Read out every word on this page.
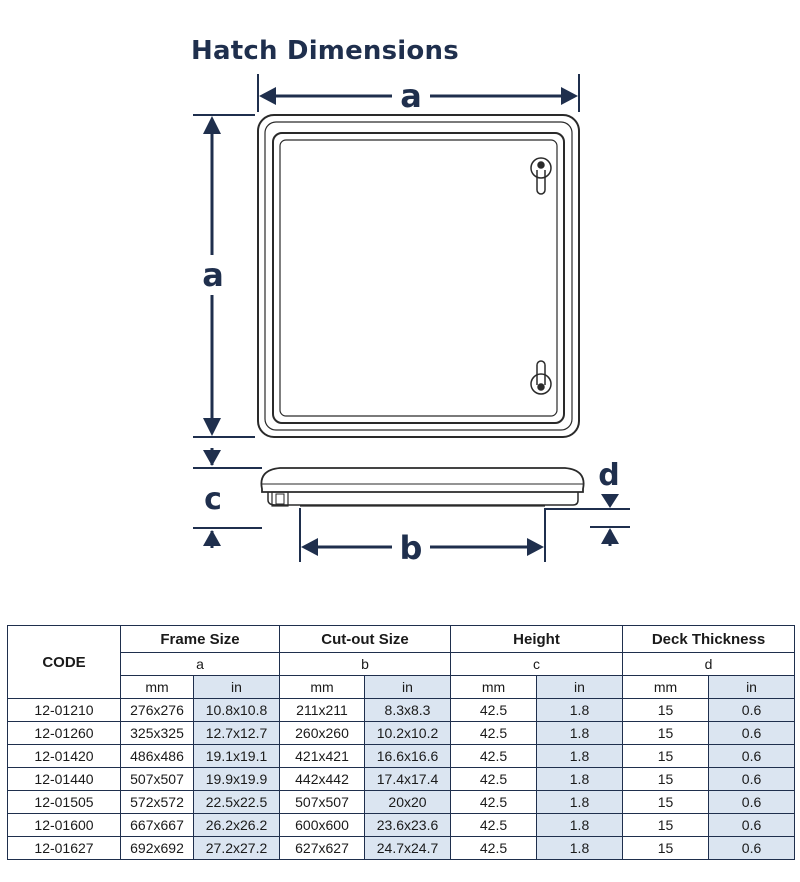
Hatch Dimensions
a
a
c
d
b
CODE	Frame Size		Cut-out Size		Height		Deck Thickness	
	a		b		c		d	
	mm	in	mm	in	mm	in	mm	in
12-01210	276x276	10.8x10.8	211x211	8.3x8.3	42.5	1.8	15	0.6
12-01260	325x325	12.7x12.7	260x260	10.2x10.2	42.5	1.8	15	0.6
12-01420	486x486	19.1x19.1	421x421	16.6x16.6	42.5	1.8	15	0.6
12-01440	507x507	19.9x19.9	442x442	17.4x17.4	42.5	1.8	15	0.6
12-01505	572x572	22.5x22.5	507x507	20x20	42.5	1.8	15	0.6
12-01600	667x667	26.2x26.2	600x600	23.6x23.6	42.5	1.8	15	0.6
12-01627	692x692	27.2x27.2	627x627	24.7x24.7	42.5	1.8	15	0.6
